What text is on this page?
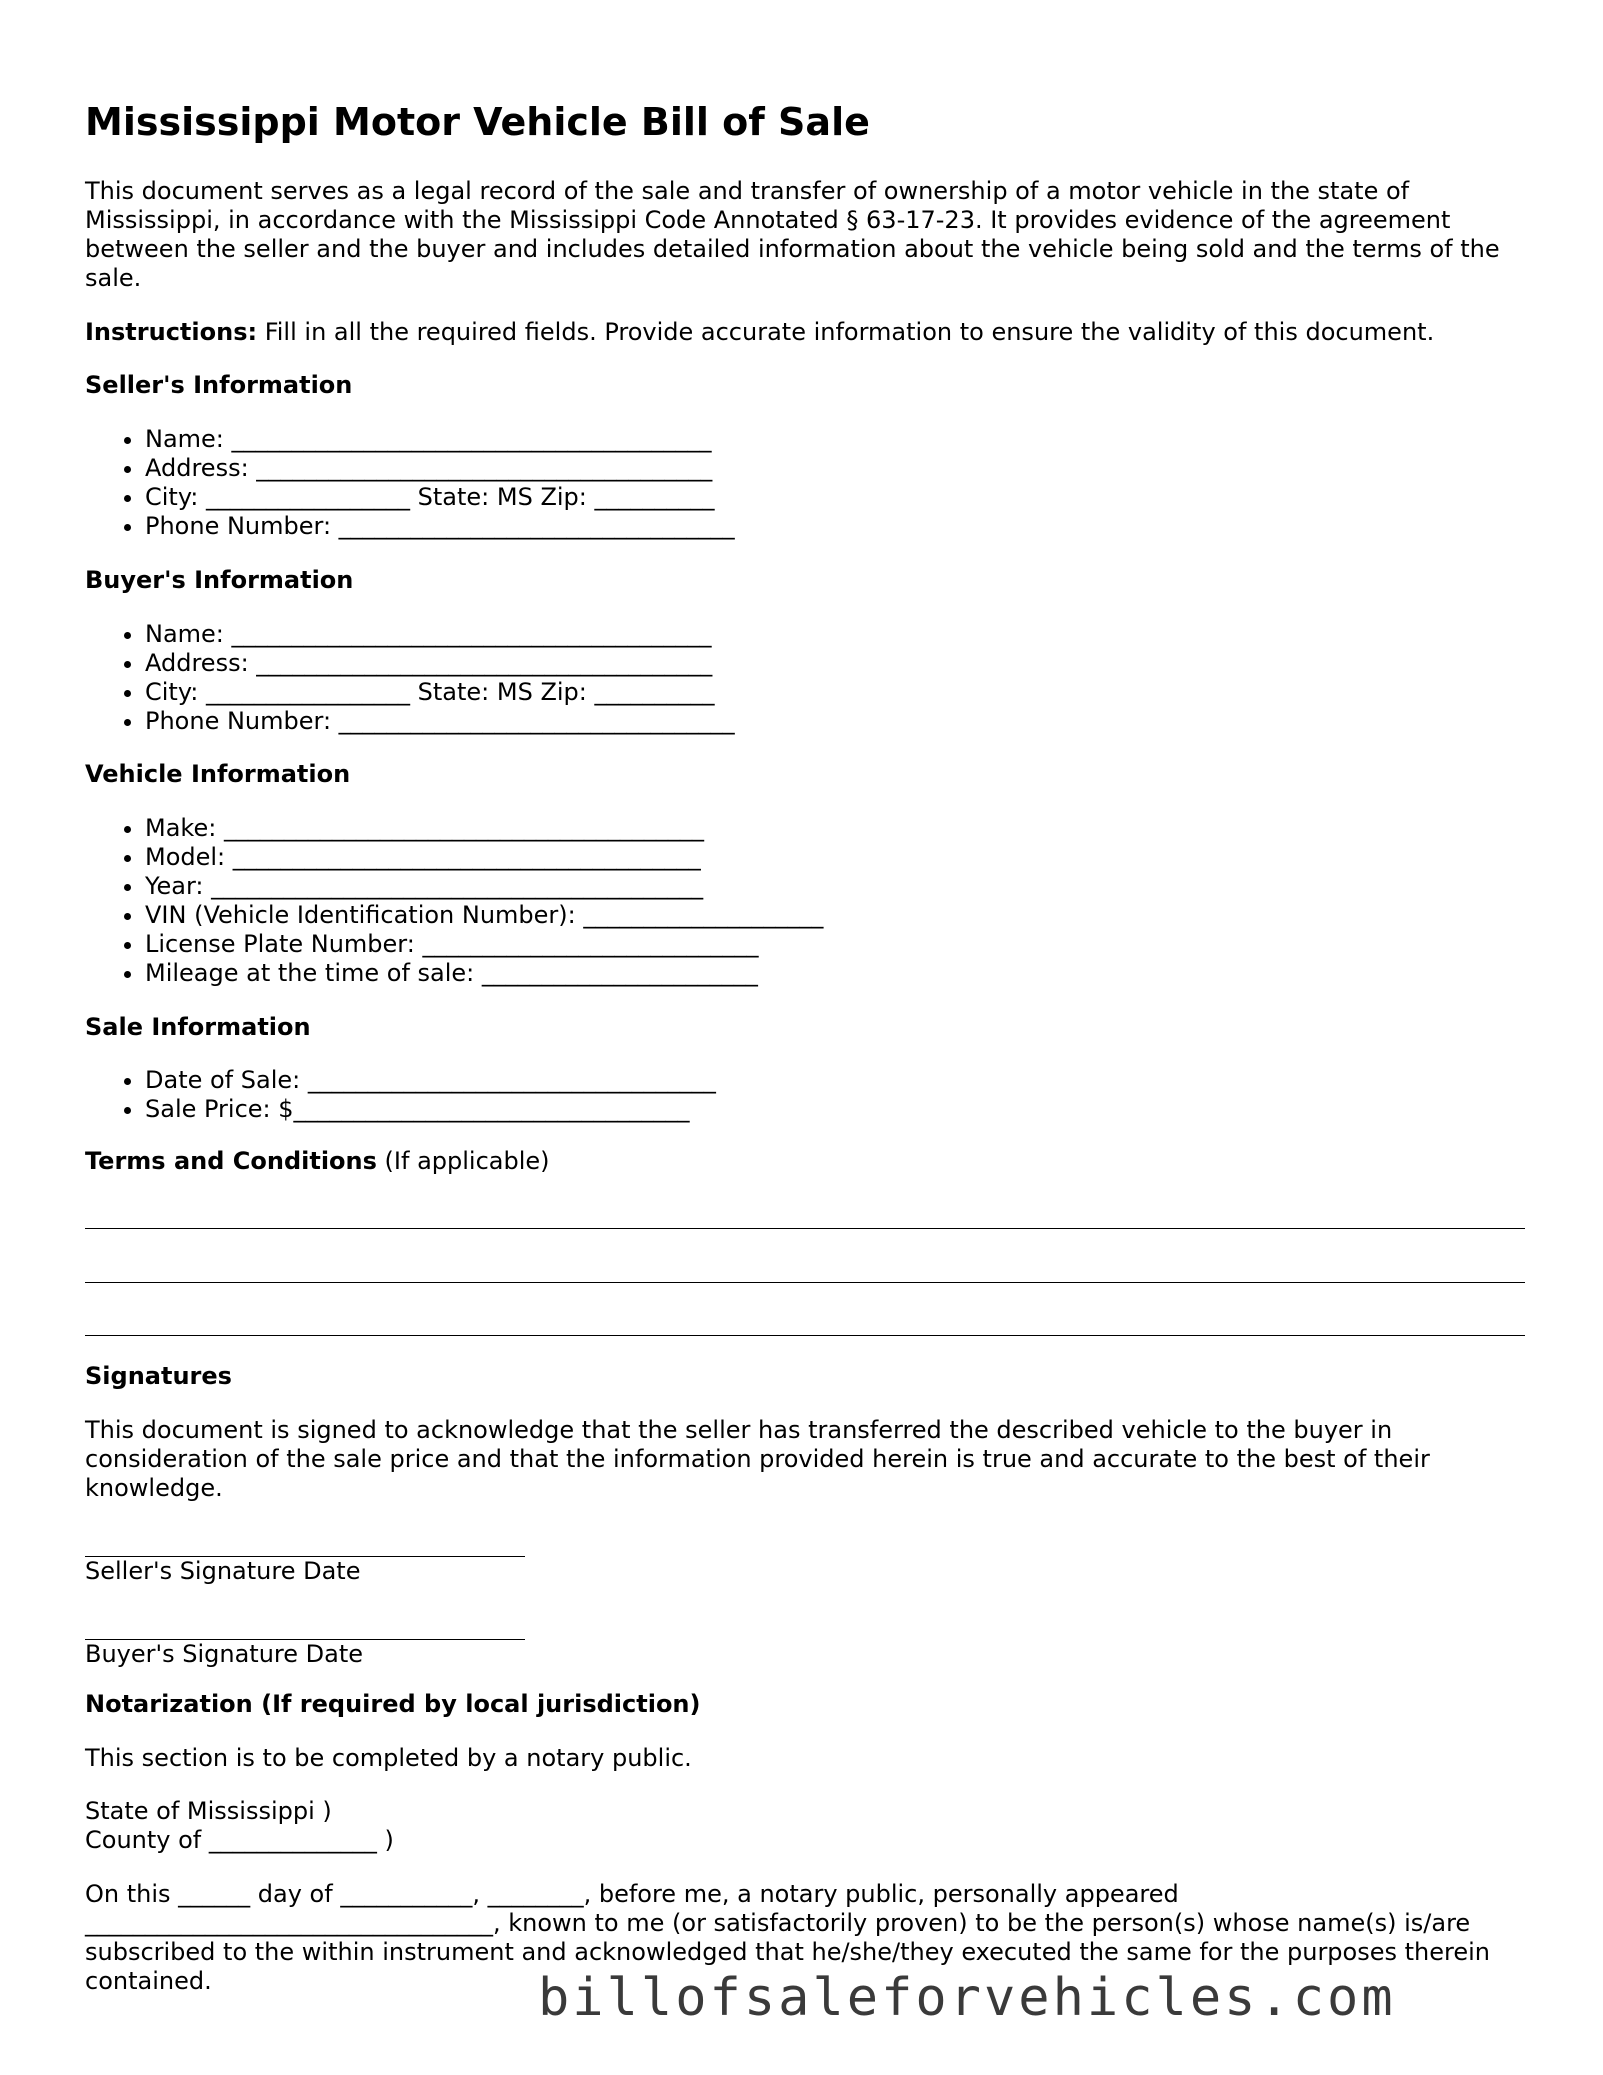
Mississippi Motor Vehicle Bill of Sale

This document serves as a legal record of the sale and transfer of ownership of a motor vehicle in the state of Mississippi, in accordance with the Mississippi Code Annotated § 63-17-23. It provides evidence of the agreement between the seller and the buyer and includes detailed information about the vehicle being sold and the terms of the sale.

Instructions: Fill in all the required fields. Provide accurate information to ensure the validity of this document.

Seller's Information

• Name: ________________________________________
• Address: ______________________________________
• City: _________________ State: MS Zip: __________
• Phone Number: _________________________________

Buyer's Information

• Name: ________________________________________
• Address: ______________________________________
• City: _________________ State: MS Zip: __________
• Phone Number: _________________________________

Vehicle Information

• Make: ________________________________________
• Model: _______________________________________
• Year: _________________________________________
• VIN (Vehicle Identification Number): ____________________
• License Plate Number: ____________________________
• Mileage at the time of sale: _______________________

Sale Information

• Date of Sale: __________________________________
• Sale Price: $_________________________________

Terms and Conditions (If applicable)

Signatures

This document is signed to acknowledge that the seller has transferred the described vehicle to the buyer in consideration of the sale price and that the information provided herein is true and accurate to the best of their knowledge.

Seller's Signature Date
Buyer's Signature Date

Notarization (If required by local jurisdiction)

This section is to be completed by a notary public.

State of Mississippi )

County of ______________ )

On this ______ day of ___________, ________, before me, a notary public, personally appeared

__________________________________, known to me (or satisfactorily proven) to be the person(s) whose name(s) is/are

subscribed to the within instrument and acknowledged that he/she/they executed the same for the purposes therein

contained.	billofsaleforvehicles.com
